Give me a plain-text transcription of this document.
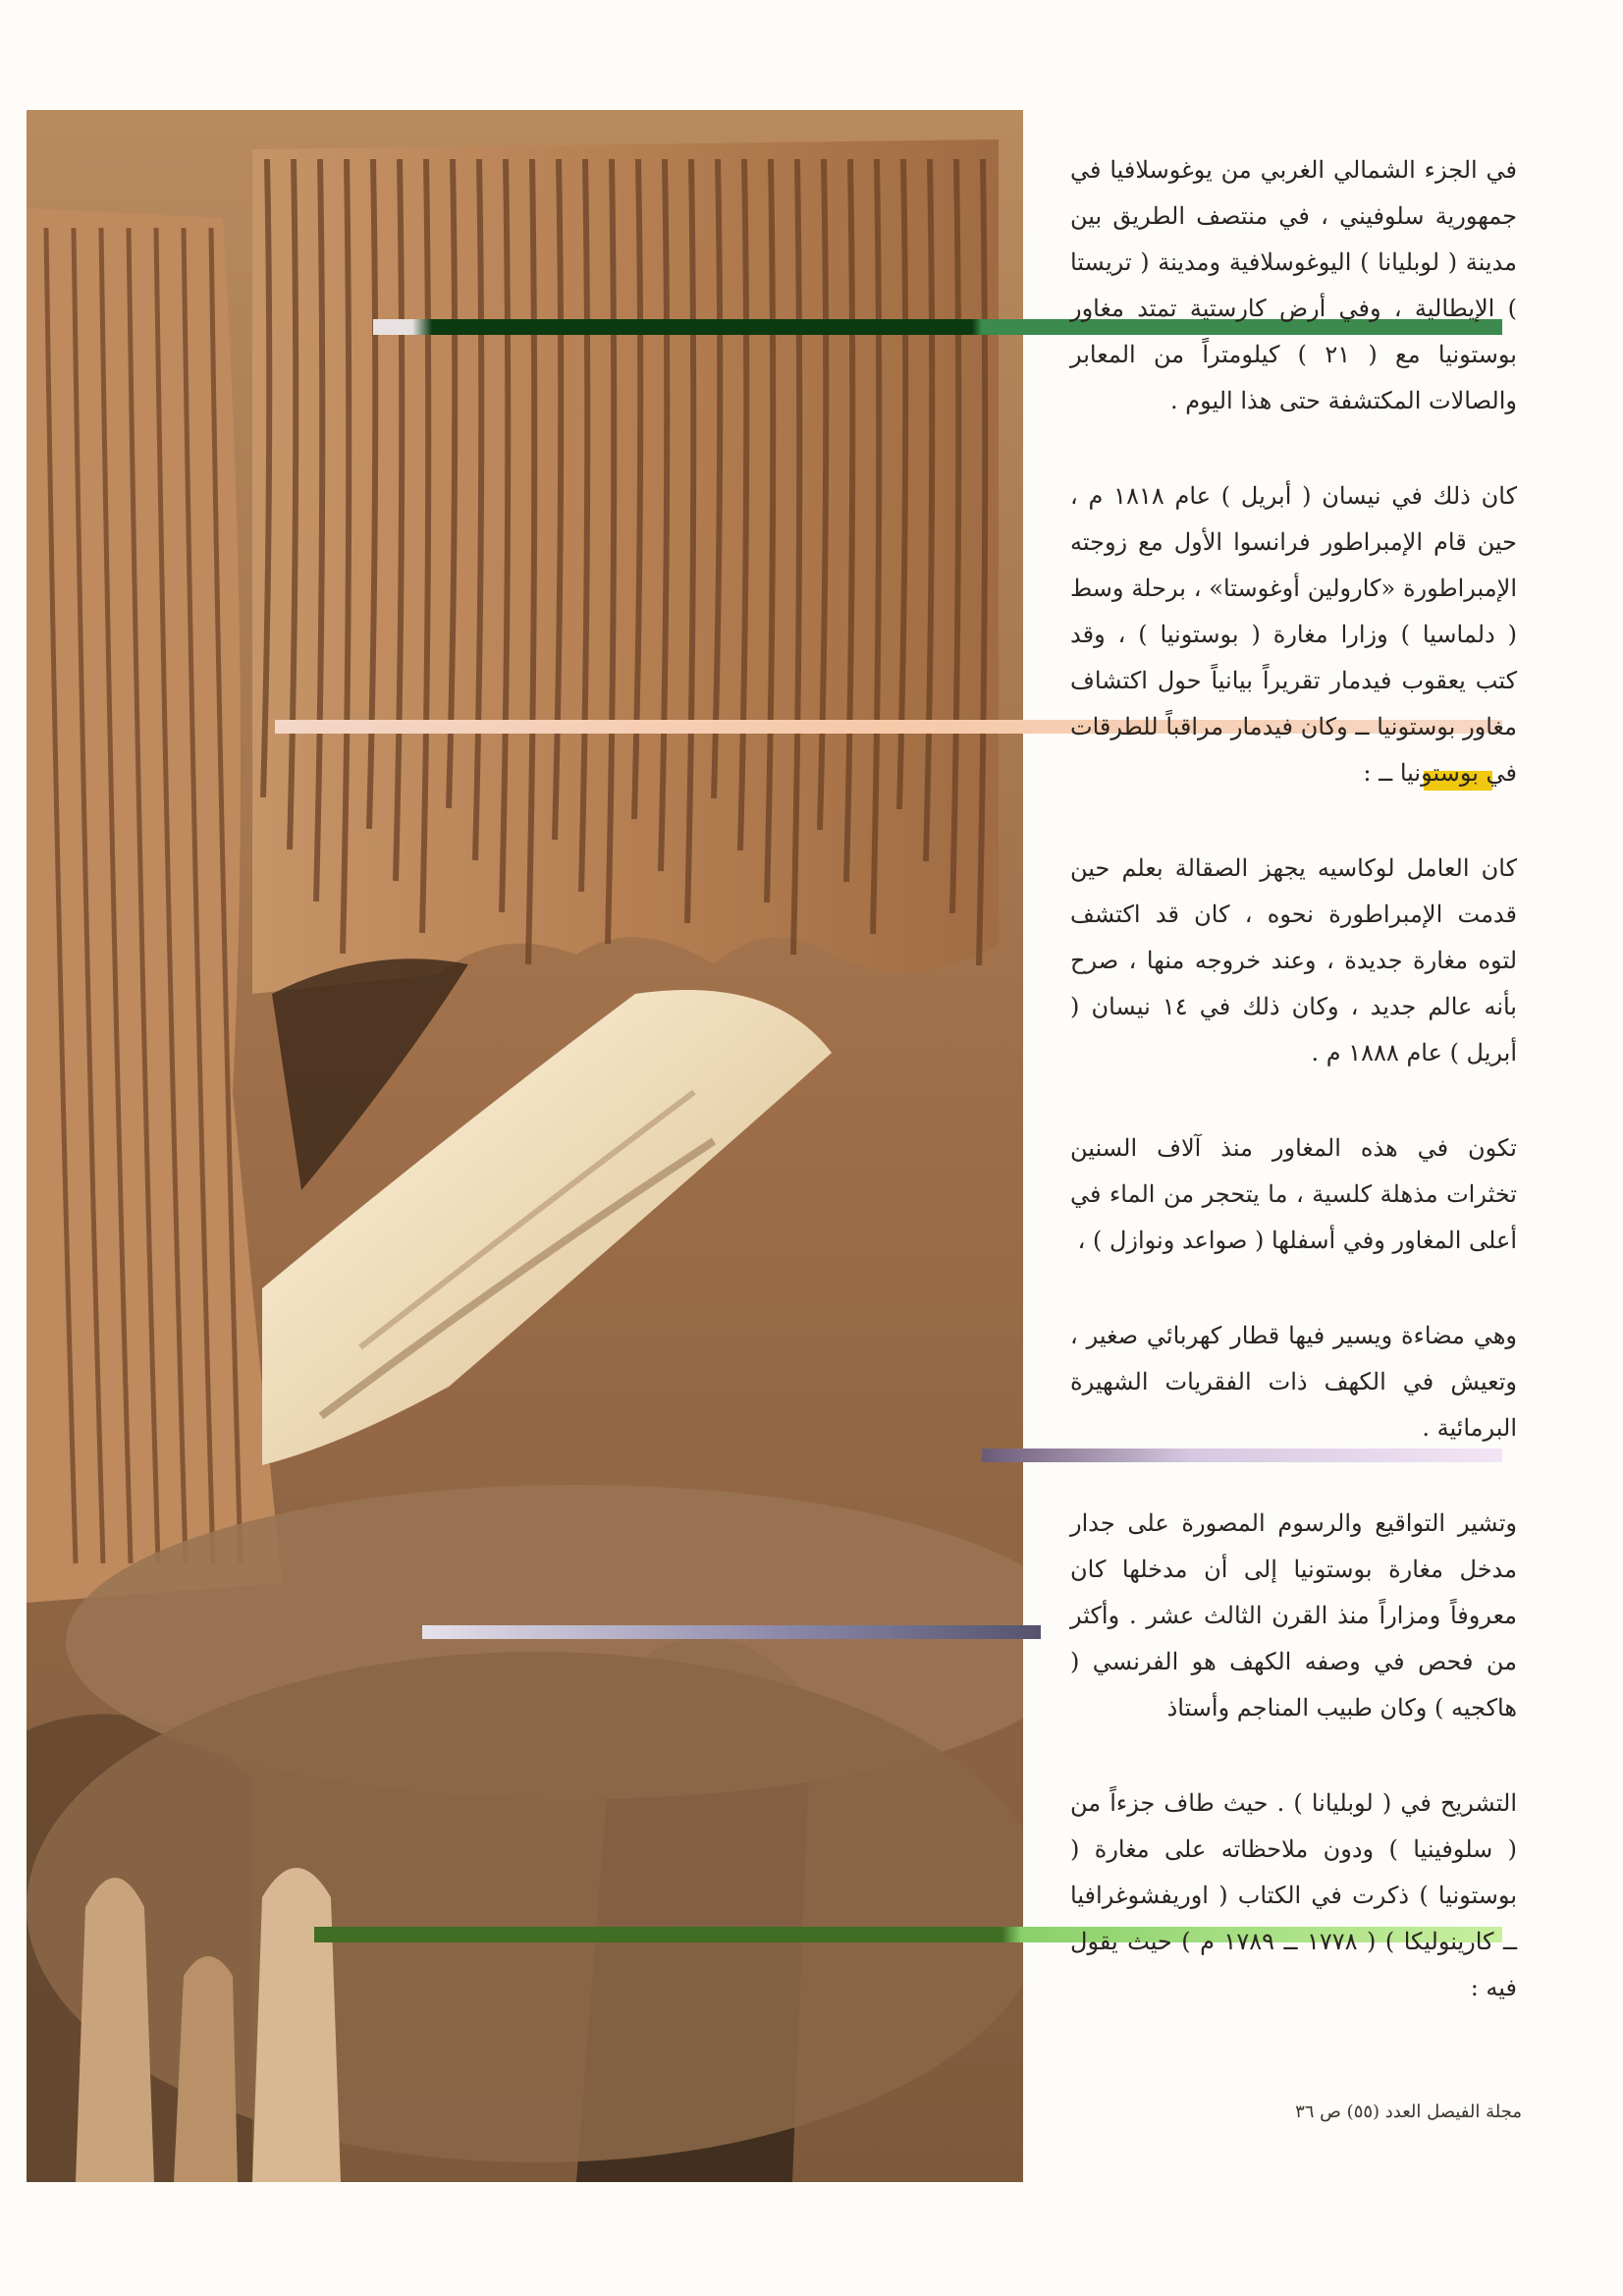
في الجزء الشمالي الغربي من يوغوسلافيا في جمهورية سلوفيني ، في منتصف الطريق بين مدينة ( لوبليانا ) اليوغوسلافية ومدينة ( تريستا ) الإيطالية ، وفي أرض كارستية تمتد مغاور بوستونيا مع ( ٢١ ) كيلومتراً من المعابر والصالات المكتشفة حتى هذا اليوم .

كان ذلك في نيسان ( أبريل ) عام ١٨١٨ م ، حين قام الإمبراطور فرانسوا الأول مع زوجته الإمبراطورة «كارولين أوغوستا» ، برحلة وسط ( دلماسيا ) وزارا مغارة ( بوستونيا ) ، وقد كتب يعقوب فيدمار تقريراً بيانياً حول اكتشاف مغاور بوستونيا ــ وكان فيدمار مراقباً للطرقات في بوستونيا ــ :

كان العامل لوكاسيه يجهز الصقالة بعلم حين قدمت الإمبراطورة نحوه ، كان قد اكتشف لتوه مغارة جديدة ، وعند خروجه منها ، صرح بأنه عالم جديد ، وكان ذلك في ١٤ نيسان ( أبريل ) عام ١٨٨٨ م .

تكون في هذه المغاور منذ آلاف السنين تخثرات مذهلة كلسية ، ما يتحجر من الماء في أعلى المغاور وفي أسفلها ( صواعد ونوازل ) ،

وهي مضاءة ويسير فيها قطار كهربائي صغير ، وتعيش في الكهف ذات الفقريات الشهيرة البرمائية .

وتشير التواقيع والرسوم المصورة على جدار مدخل مغارة بوستونيا إلى أن مدخلها كان معروفاً ومزاراً منذ القرن الثالث عشر . وأكثر من فحص في وصفه الكهف هو الفرنسي ( هاكجيه ) وكان طبيب المناجم وأستاذ

التشريح في ( لوبليانا ) . حيث طاف جزءاً من ( سلوفينيا ) ودون ملاحظاته على مغارة ( بوستونيا ) ذكرت في الكتاب ( اوريفشوغرافيا ــ كارينوليكا ) ( ١٧٧٨ ــ ١٧٨٩ م ) حيث يقول فيه :

مجلة الفيصل العدد (٥٥) ص ٣٦
